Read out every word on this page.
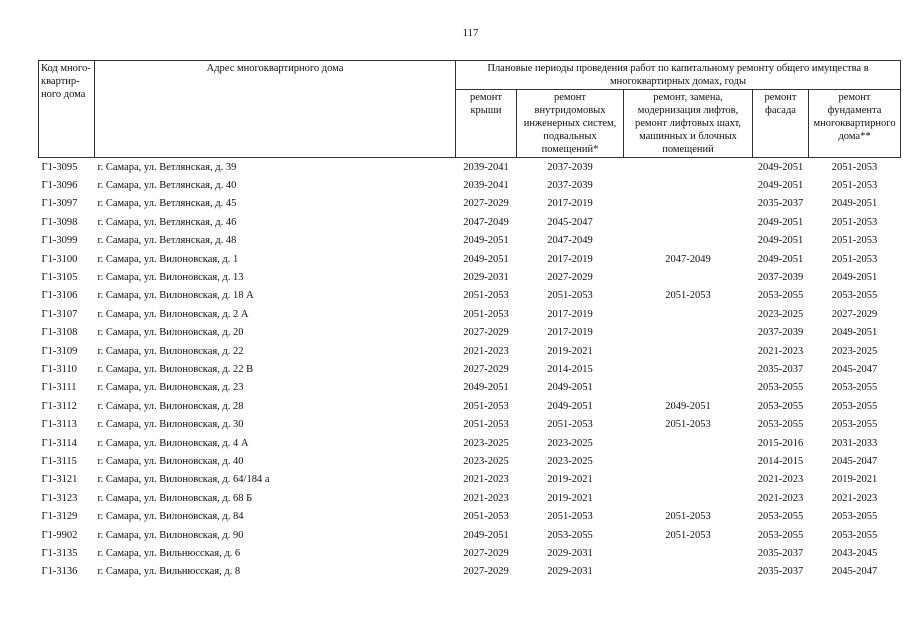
117
Код много-квартир-ного дома	Адрес многоквартирного дома	Плановые периоды проведения работ по капитальному ремонту общего имущества в многоквартирных домах, годы				
		ремонт крыши	ремонт внутридомовых инженерных систем, подвальных помещений*	ремонт, замена, модернизация лифтов, ремонт лифтовых шахт, машинных и блочных помещений	ремонт фасада	ремонт фундамента многоквартирного дома**
Г1-3095	г. Самара, ул. Ветлянская, д. 39	2039-2041	2037-2039		2049-2051	2051-2053
Г1-3096	г. Самара, ул. Ветлянская, д. 40	2039-2041	2037-2039		2049-2051	2051-2053
Г1-3097	г. Самара, ул. Ветлянская, д. 45	2027-2029	2017-2019		2035-2037	2049-2051
Г1-3098	г. Самара, ул. Ветлянская, д. 46	2047-2049	2045-2047		2049-2051	2051-2053
Г1-3099	г. Самара, ул. Ветлянская, д. 48	2049-2051	2047-2049		2049-2051	2051-2053
Г1-3100	г. Самара, ул. Вилоновская, д. 1	2049-2051	2017-2019	2047-2049	2049-2051	2051-2053
Г1-3105	г. Самара, ул. Вилоновская, д. 13	2029-2031	2027-2029		2037-2039	2049-2051
Г1-3106	г. Самара, ул. Вилоновская, д. 18 А	2051-2053	2051-2053	2051-2053	2053-2055	2053-2055
Г1-3107	г. Самара, ул. Вилоновская, д. 2 А	2051-2053	2017-2019		2023-2025	2027-2029
Г1-3108	г. Самара, ул. Вилоновская, д. 20	2027-2029	2017-2019		2037-2039	2049-2051
Г1-3109	г. Самара, ул. Вилоновская, д. 22	2021-2023	2019-2021		2021-2023	2023-2025
Г1-3110	г. Самара, ул. Вилоновская, д. 22 В	2027-2029	2014-2015		2035-2037	2045-2047
Г1-3111	г. Самара, ул. Вилоновская, д. 23	2049-2051	2049-2051		2053-2055	2053-2055
Г1-3112	г. Самара, ул. Вилоновская, д. 28	2051-2053	2049-2051	2049-2051	2053-2055	2053-2055
Г1-3113	г. Самара, ул. Вилоновская, д. 30	2051-2053	2051-2053	2051-2053	2053-2055	2053-2055
Г1-3114	г. Самара, ул. Вилоновская, д. 4 А	2023-2025	2023-2025		2015-2016	2031-2033
Г1-3115	г. Самара, ул. Вилоновская, д. 40	2023-2025	2023-2025		2014-2015	2045-2047
Г1-3121	г. Самара, ул. Вилоновская, д. 64/184 а	2021-2023	2019-2021		2021-2023	2019-2021
Г1-3123	г. Самара, ул. Вилоновская, д. 68 Б	2021-2023	2019-2021		2021-2023	2021-2023
Г1-3129	г. Самара, ул. Вилоновская, д. 84	2051-2053	2051-2053	2051-2053	2053-2055	2053-2055
Г1-9902	г. Самара, ул. Вилоновская, д. 90	2049-2051	2053-2055	2051-2053	2053-2055	2053-2055
Г1-3135	г. Самара, ул. Вильнюсская, д. 6	2027-2029	2029-2031		2035-2037	2043-2045
Г1-3136	г. Самара, ул. Вильнюсская, д. 8	2027-2029	2029-2031		2035-2037	2045-2047
